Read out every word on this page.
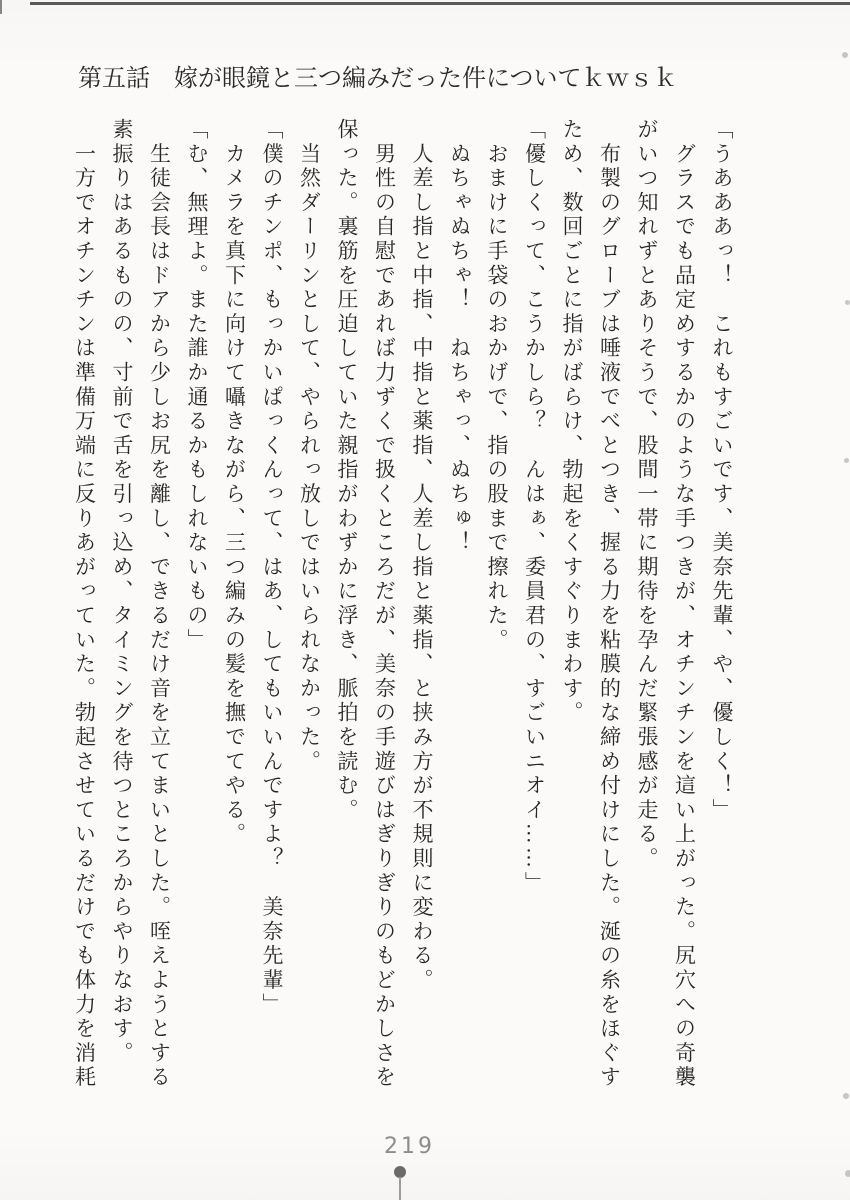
第五話　嫁が眼鏡と三つ編みだった件についてｋｗｓｋ

「うあああっ！　これもすごいです、美奈先輩、や、優しく！」

　グラスでも品定めするかのような手つきが、オチンチンを這い上がった。尻穴への奇襲がいつ知れずとありそうで、股間一帯に期待を孕んだ緊張感が走る。

　布製のグローブは唾液でべとつき、握る力を粘膜的な締め付けにした。涎の糸をほぐすため、数回ごとに指がばらけ、勃起をくすぐりまわす。

「優しくって、こうかしら？　んはぁ、委員君の、すごいニオイ……」

　おまけに手袋のおかげで、指の股まで擦れた。

　ぬちゃぬちゃ！　ねちゃっ、ぬちゅ！

　人差し指と中指、中指と薬指、人差し指と薬指、と挟み方が不規則に変わる。

　男性の自慰であれば力ずくで扱くところだが、美奈の手遊びはぎりぎりのもどかしさを保った。裏筋を圧迫していた親指がわずかに浮き、脈拍を読む。

　当然ダーリンとして、やられっ放しではいられなかった。

「僕のチンポ、もっかいぱっくんって、はあ、してもいいんですよ？　美奈先輩」

　カメラを真下に向けて囁きながら、三つ編みの髪を撫でてやる。

「む、無理よ。また誰か通るかもしれないもの」

　生徒会長はドアから少しお尻を離し、できるだけ音を立てまいとした。咥えようとする素振りはあるものの、寸前で舌を引っ込め、タイミングを待つところからやりなおす。

　一方でオチンチンは準備万端に反りあがっていた。勃起させているだけでも体力を消耗

219
